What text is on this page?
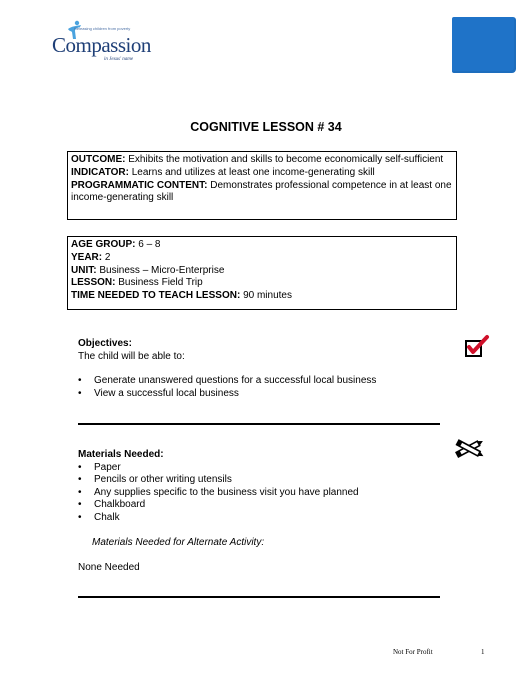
Releasing children from poverty
Compassion
in Jesus' name
COGNITIVE LESSON # 34

OUTCOME: Exhibits the motivation and skills to become economically self-sufficient

INDICATOR: Learns and utilizes at least one income-generating skill

PROGRAMMATIC CONTENT: Demonstrates professional competence in at least one income-generating skill

AGE GROUP: 6 – 8

YEAR: 2

UNIT: Business – Micro-Enterprise

LESSON: Business Field Trip

TIME NEEDED TO TEACH LESSON: 90 minutes

Objectives:
The child will be able to:
• Generate unanswered questions for a successful local business
• View a successful local business
Materials Needed:
• Paper
• Pencils or other writing utensils
• Any supplies specific to the business visit you have planned
• Chalkboard
• Chalk
Materials Needed for Alternate Activity:
None Needed
Not For Profit	1
